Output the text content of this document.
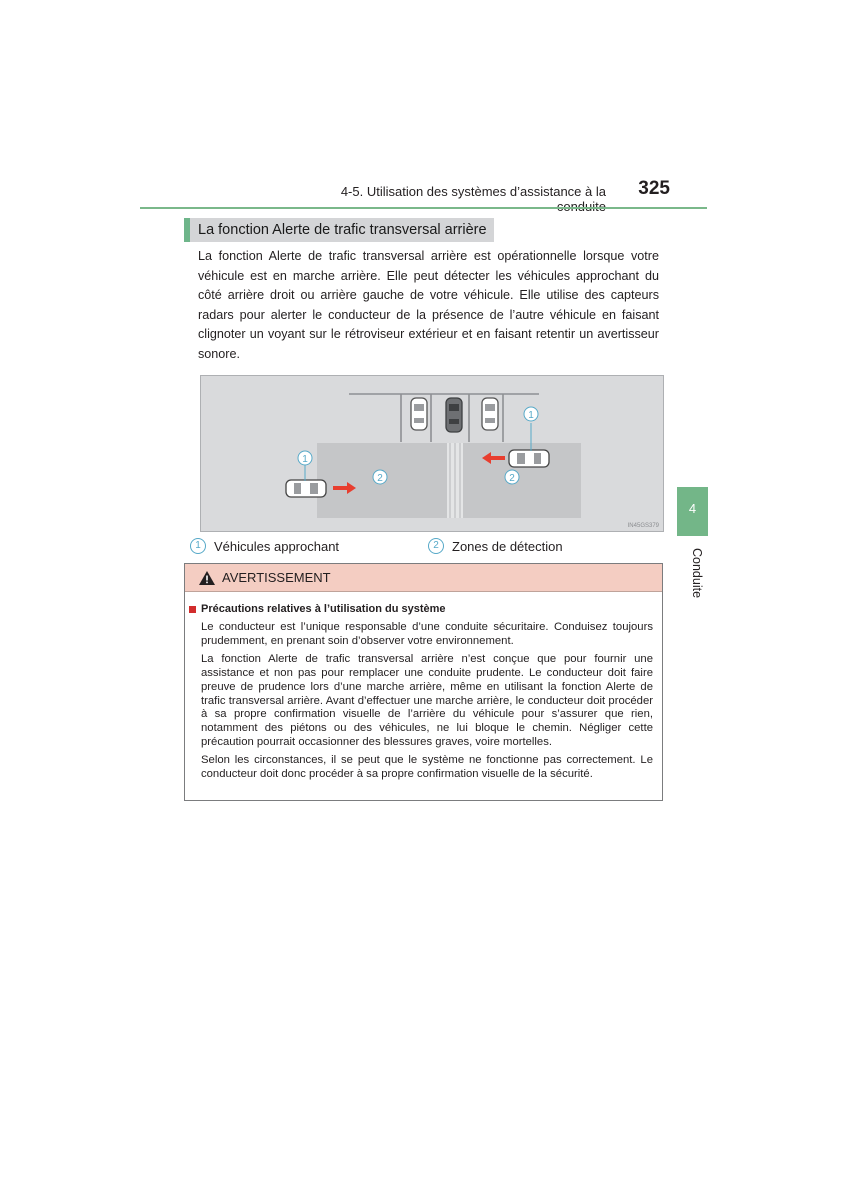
4-5. Utilisation des systèmes d’assistance à la	325
La fonction Alerte de trafic transversal arrière

La fonction Alerte de trafic transversal arrière est opérationnelle lorsque votre véhicule est en marche arrière. Elle peut détecter les véhicules approchant du côté arrière droit ou arrière gauche de votre véhicule. Elle utilise des capteurs radars pour alerter le conducteur de la présence de l’autre véhicule en faisant clignoter un voyant sur le rétroviseur extérieur et en faisant retentir un avertisseur sonore.

1
2
1
2
IN45GS379
1	Véhicules approchant	2	Zones de détection
AVERTISSEMENT
Précautions relatives à l’utilisation du système

Le conducteur est l’unique responsable d’une conduite sécuritaire. Conduisez toujours prudemment, en prenant soin d’observer votre environnement.

La fonction Alerte de trafic transversal arrière n’est conçue que pour fournir une assistance et non pas pour remplacer une conduite prudente. Le conducteur doit faire preuve de prudence lors d’une marche arrière, même en utilisant la fonction Alerte de trafic transversal arrière. Avant d’effectuer une marche arrière, le conducteur doit procéder à sa propre confirmation visuelle de l’arrière du véhicule pour s’assurer que rien, notamment des piétons ou des véhicules, ne lui bloque le chemin. Négliger cette précaution pourrait occasionner des blessures graves, voire mortelles.

Selon les circonstances, il se peut que le système ne fonctionne pas correctement. Le conducteur doit donc procéder à sa propre confirmation visuelle de la sécurité.

4
Conduite
